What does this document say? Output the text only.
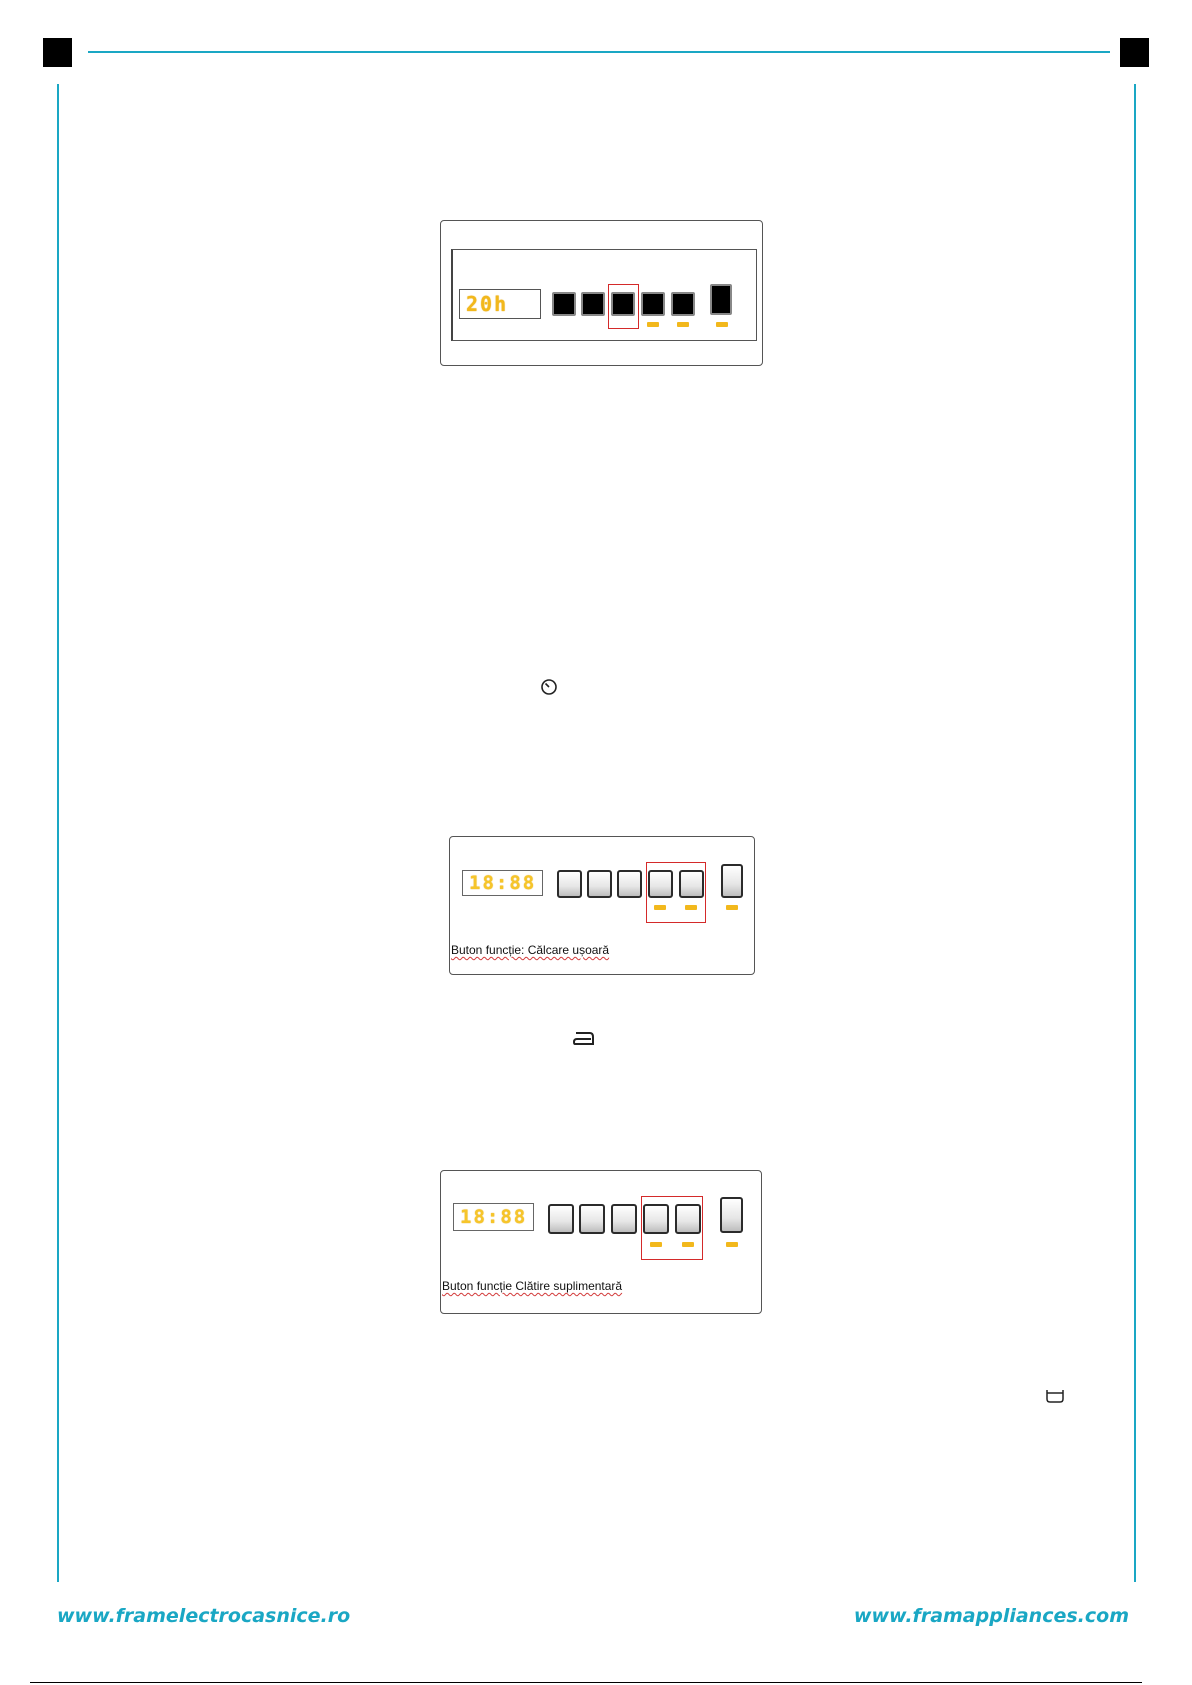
20h
18:88
Buton funcție: Călcare ușoară
18:88
Buton funcție Clătire suplimentară
www.framelectrocasnice.ro	www.framappliances.com
